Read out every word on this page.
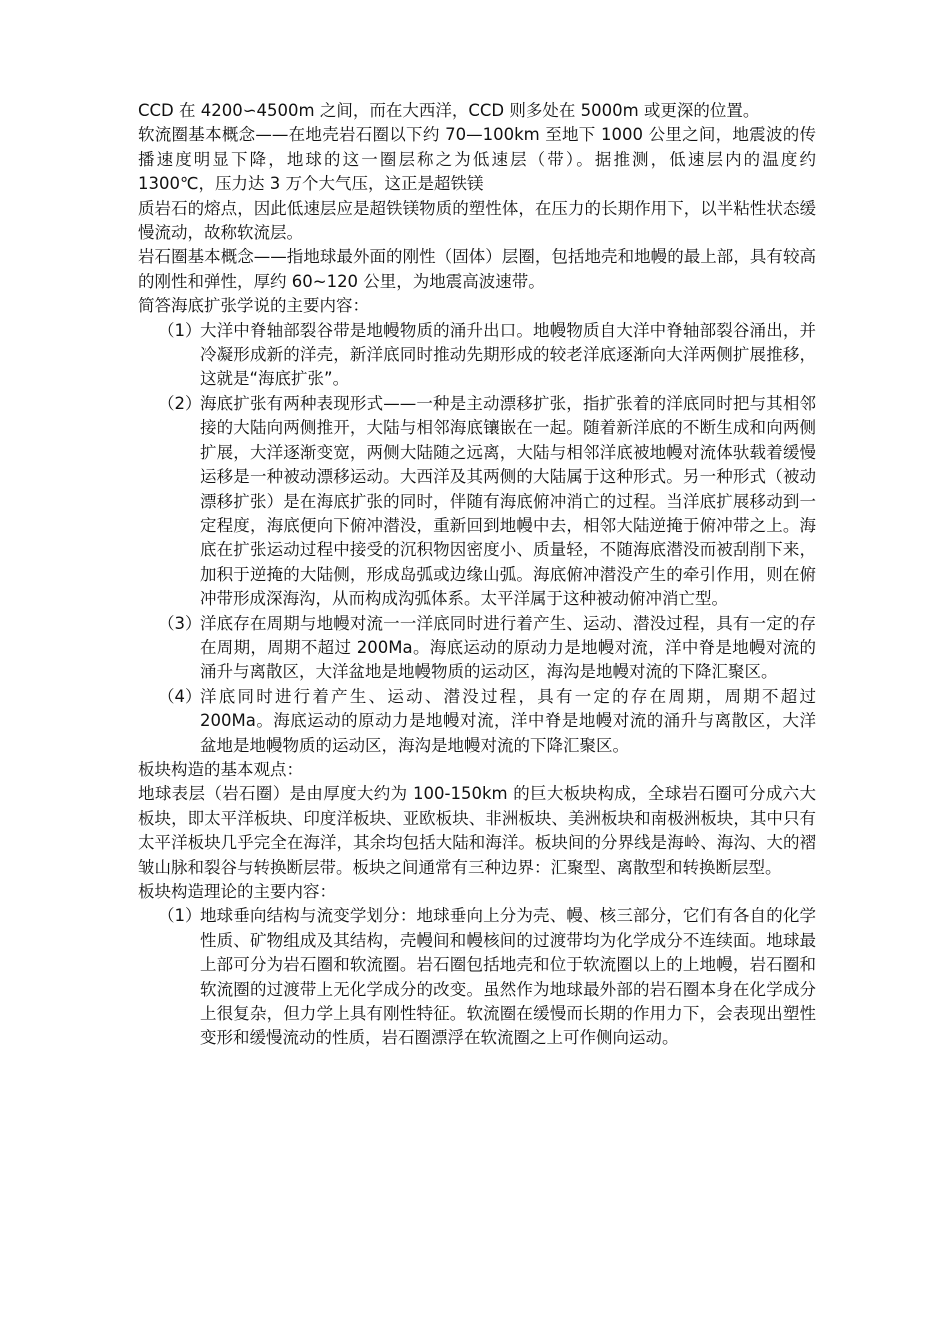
CCD 在 4200∽4500m 之间，而在大西洋，CCD 则多处在 5000m 或更深的位置。

软流圈基本概念——在地壳岩石圈以下约 70—100km 至地下 1000 公里之间，地震波的传播速度明显下降，地球的这一圈层称之为低速层（带）。据推测，低速层内的温度约 1300℃，压力达 3 万个大气压，这正是超铁镁

质岩石的熔点，因此低速层应是超铁镁物质的塑性体，在压力的长期作用下，以半粘性状态缓慢流动，故称软流层。

岩石圈基本概念——指地球最外面的刚性（固体）层圈，包括地壳和地幔的最上部，具有较高的刚性和弹性，厚约 60~120 公里，为地震高波速带。

简答海底扩张学说的主要内容：

（1）
大洋中脊轴部裂谷带是地幔物质的涌升出口。地幔物质自大洋中脊轴部裂谷涌出，并冷凝形成新的洋壳，新洋底同时推动先期形成的较老洋底逐渐向大洋两侧扩展推移，这就是“海底扩张”。
（2）
海底扩张有两种表现形式——一种是主动漂移扩张，指扩张着的洋底同时把与其相邻接的大陆向两侧推开，大陆与相邻海底镶嵌在一起。随着新洋底的不断生成和向两侧扩展，大洋逐渐变宽，两侧大陆随之远离，大陆与相邻洋底被地幔对流体驮载着缓慢运移是一种被动漂移运动。大西洋及其两侧的大陆属于这种形式。另一种形式（被动漂移扩张）是在海底扩张的同时，伴随有海底俯冲消亡的过程。当洋底扩展移动到一定程度，海底便向下俯冲潜没，重新回到地幔中去，相邻大陆逆掩于俯冲带之上。海底在扩张运动过程中接受的沉积物因密度小、质量轻，不随海底潜没而被刮削下来，加积于逆掩的大陆侧，形成岛弧或边缘山弧。海底俯冲潜没产生的牵引作用，则在俯冲带形成深海沟，从而构成沟弧体系。太平洋属于这种被动俯冲消亡型。
（3）
洋底存在周期与地幔对流一一洋底同时进行着产生、运动、潜没过程，具有一定的存在周期，周期不超过 200Ma。海底运动的原动力是地幔对流，洋中脊是地幔对流的涌升与离散区，大洋盆地是地幔物质的运动区，海沟是地幔对流的下降汇聚区。
（4）
洋底同时进行着产生、运动、潜没过程，具有一定的存在周期，周期不超过 200Ma。海底运动的原动力是地幔对流，洋中脊是地幔对流的涌升与离散区，大洋盆地是地幔物质的运动区，海沟是地幔对流的下降汇聚区。

板块构造的基本观点：

地球表层（岩石圈）是由厚度大约为 100-150km 的巨大板块构成，全球岩石圈可分成六大板块，即太平洋板块、印度洋板块、亚欧板块、非洲板块、美洲板块和南极洲板块，其中只有太平洋板块几乎完全在海洋，其余均包括大陆和海洋。板块间的分界线是海岭、海沟、大的褶皱山脉和裂谷与转换断层带。板块之间通常有三种边界：汇聚型、离散型和转换断层型。

板块构造理论的主要内容：

（1）
地球垂向结构与流变学划分：地球垂向上分为壳、幔、核三部分，它们有各自的化学性质、矿物组成及其结构，壳幔间和幔核间的过渡带均为化学成分不连续面。地球最上部可分为岩石圈和软流圈。岩石圈包括地壳和位于软流圈以上的上地幔，岩石圈和软流圈的过渡带上无化学成分的改变。虽然作为地球最外部的岩石圈本身在化学成分上很复杂，但力学上具有刚性特征。软流圈在缓慢而长期的作用力下，会表现出塑性变形和缓慢流动的性质，岩石圈漂浮在软流圈之上可作侧向运动。
